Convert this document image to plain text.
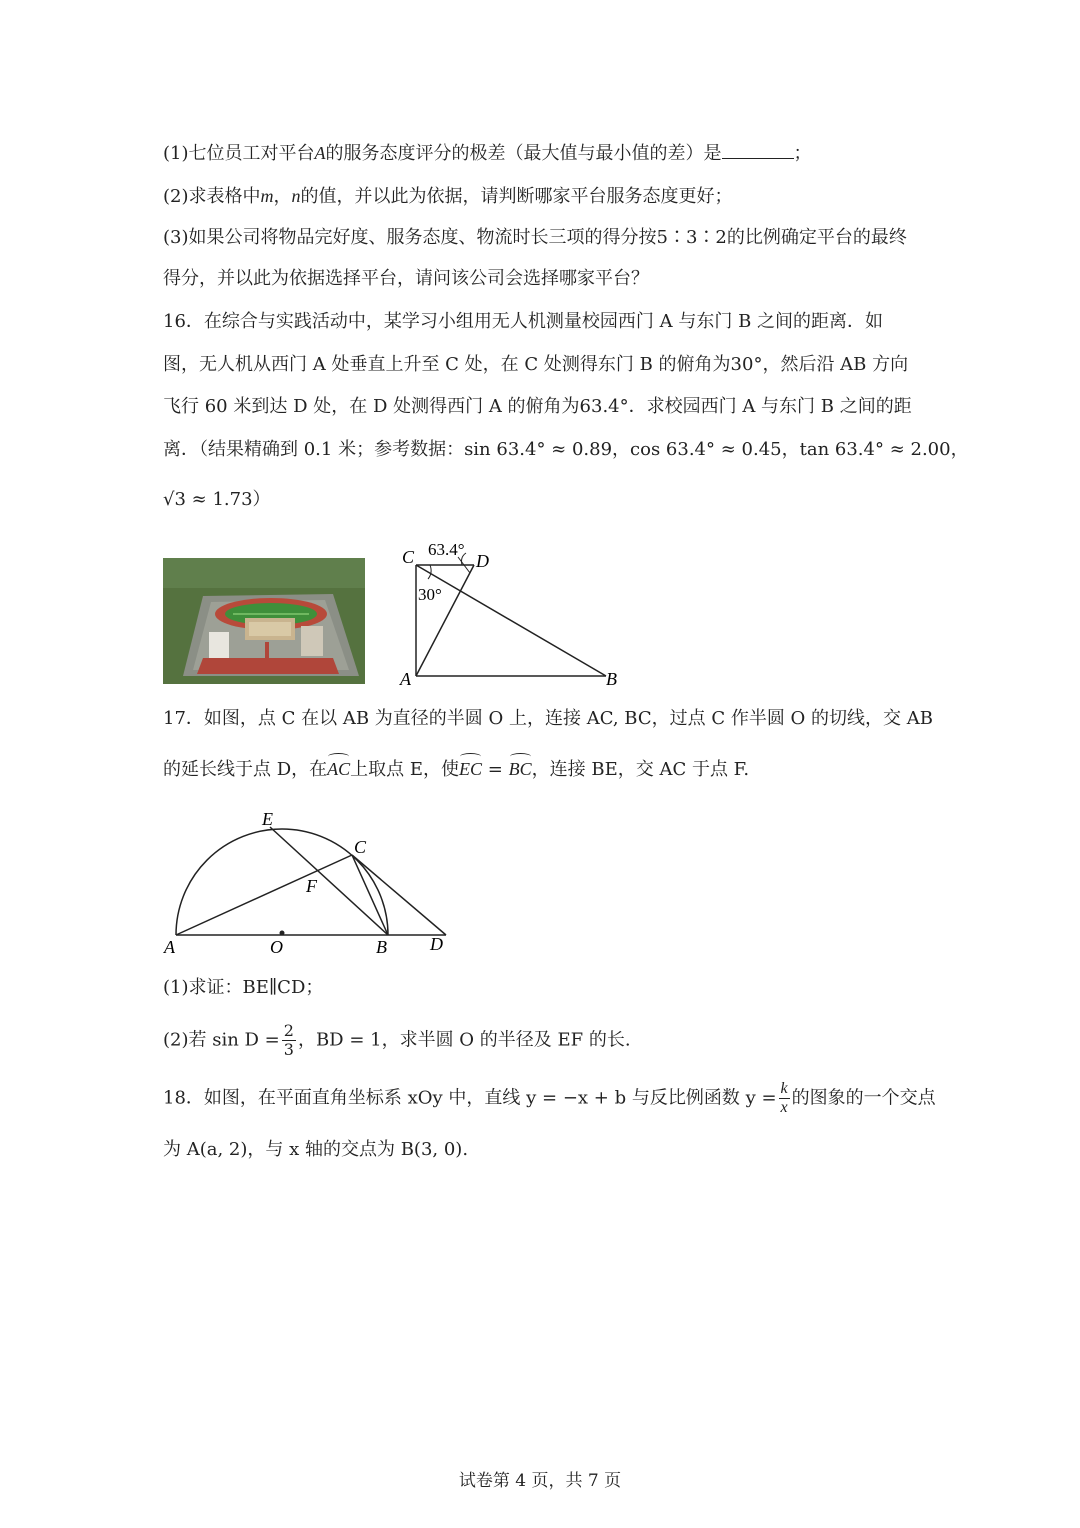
(1)七位员工对平台A的服务态度评分的极差（最大值与最小值的差）是	；
(2)求表格中m，n的值，并以此为依据，请判断哪家平台服务态度更好；
(3)如果公司将物品完好度、服务态度、物流时长三项的得分按5∶3∶2的比例确定平台的最终
得分，并以此为依据选择平台，请问该公司会选择哪家平台？
16．在综合与实践活动中，某学习小组用无人机测量校园西门 A 与东门 B 之间的距离．如
图，无人机从西门 A 处垂直上升至 C 处，在 C 处测得东门 B 的俯角为30°，然后沿 AB 方向
飞行 60 米到达 D 处，在 D 处测得西门 A 的俯角为63.4°．求校园西门 A 与东门 B 之间的距
离．（结果精确到 0.1 米；参考数据：sin 63.4° ≈ 0.89，cos 63.4° ≈ 0.45，tan 63.4° ≈ 2.00，
√3 ≈ 1.73）
C	D
A	B
63.4°
30°
17．如图，点 C 在以 AB 为直径的半圆 O 上，连接 AC, BC，过点 C 作半圆 O 的切线，交 AB
的延长线于点 D，在AC上取点 E，使EC = BC，连接 BE，交 AC 于点 F.
E
C
F
A	O	B D
(1)求证：BE∥CD；
(2)若 $\sin D = \frac{2}{3}$ ，BD = 1，求半圆 O 的半径及 EF 的长.
18．如图，在平面直角坐标系 xOy 中，直线 y = −x + b 与反比例函数 $y = \frac{k}{x}$ 的图象的一个交点
为 A(a, 2)，与 x 轴的交点为 B(3, 0).
试卷第 4 页，共 7 页
